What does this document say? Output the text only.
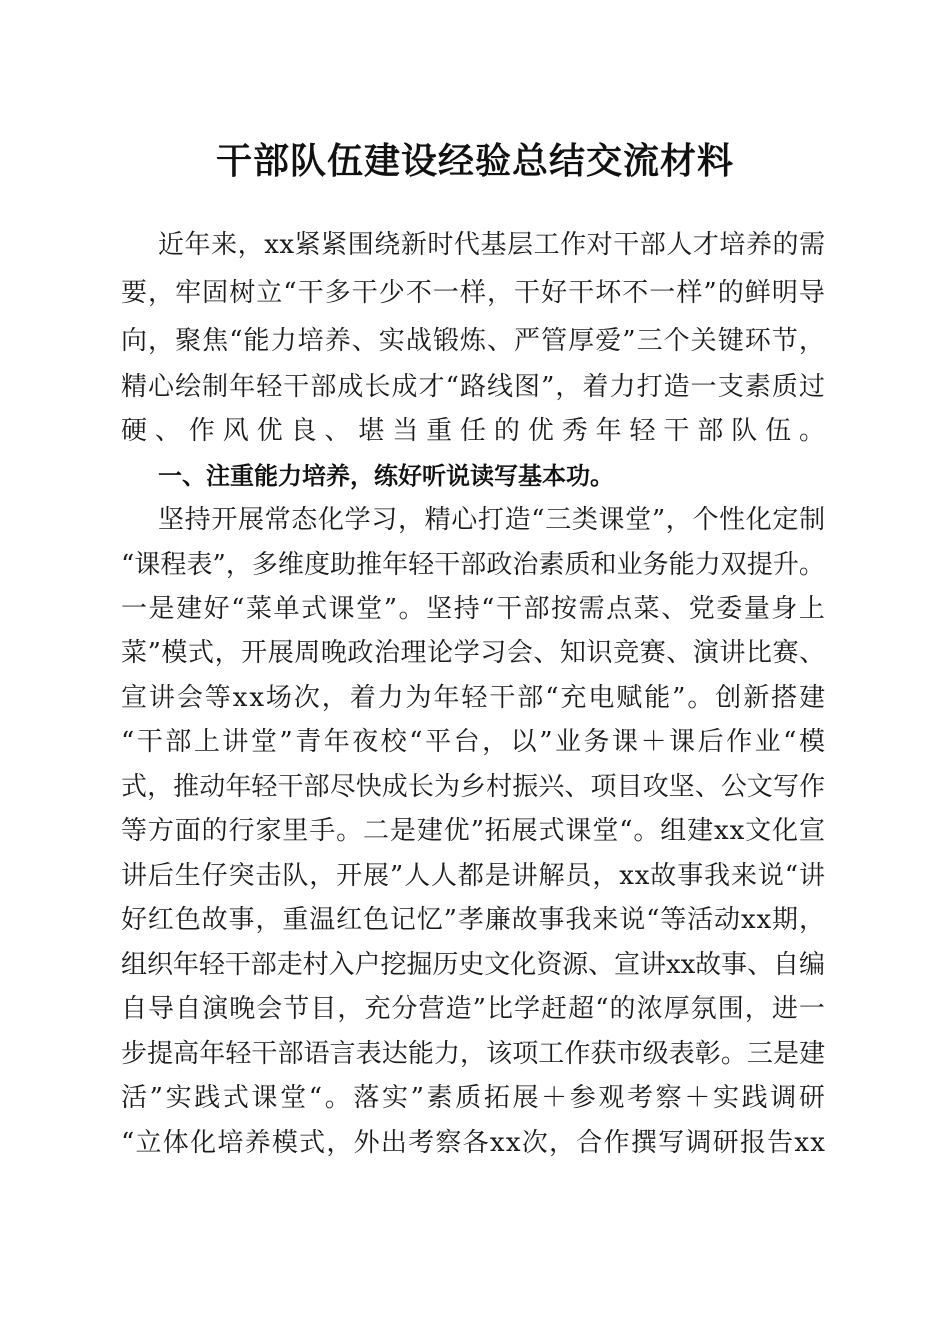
干部队伍建设经验总结交流材料
近年来，xx紧紧围绕新时代基层工作对干部人才培养的需
要，牢固树立“干多干少不一样，干好干坏不一样”的鲜明导
向，聚焦“能力培养、实战锻炼、严管厚爱”三个关键环节，
精心绘制年轻干部成长成才“路线图”，着力打造一支素质过
硬、作风优良、堪当重任的优秀年轻干部队伍。
一、注重能力培养，练好听说读写基本功。
坚持开展常态化学习，精心打造“三类课堂”，个性化定制
“课程表”，多维度助推年轻干部政治素质和业务能力双提升。
一是建好“菜单式课堂”。坚持“干部按需点菜、党委量身上
菜”模式，开展周晚政治理论学习会、知识竞赛、演讲比赛、
宣讲会等xx场次，着力为年轻干部“充电赋能”。创新搭建
“干部上讲堂”青年夜校“平台，以”业务课＋课后作业“模
式，推动年轻干部尽快成长为乡村振兴、项目攻坚、公文写作
等方面的行家里手。二是建优”拓展式课堂“。组建xx文化宣
讲后生仔突击队，开展”人人都是讲解员，xx故事我来说“讲
好红色故事，重温红色记忆”孝廉故事我来说“等活动xx期，
组织年轻干部走村入户挖掘历史文化资源、宣讲xx故事、自编
自导自演晚会节目，充分营造”比学赶超“的浓厚氛围，进一
步提高年轻干部语言表达能力，该项工作获市级表彰。三是建
活”实践式课堂“。落实”素质拓展＋参观考察＋实践调研
“立体化培养模式，外出考察各xx次，合作撰写调研报告xx
